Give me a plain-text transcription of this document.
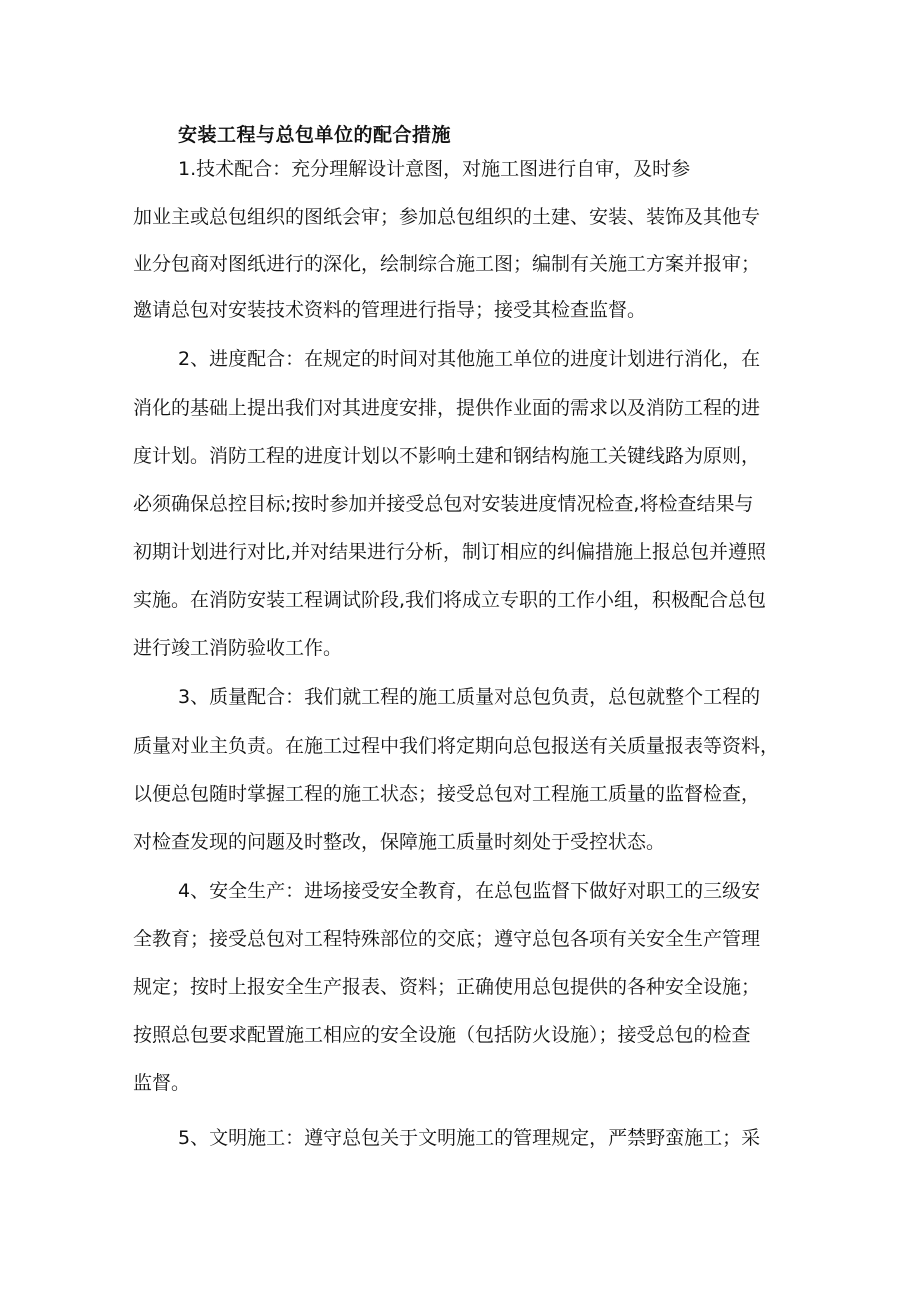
安装工程与总包单位的配合措施
1.技术配合：充分理解设计意图，对施工图进行自审，及时参
加业主或总包组织的图纸会审；参加总包组织的土建、安装、装饰及其他专
业分包商对图纸进行的深化，绘制综合施工图；编制有关施工方案并报审；
邀请总包对安装技术资料的管理进行指导；接受其检查监督。
2、进度配合：在规定的时间对其他施工单位的进度计划进行消化，在
消化的基础上提出我们对其进度安排，提供作业面的需求以及消防工程的进
度计划。消防工程的进度计划以不影响土建和钢结构施工关键线路为原则，
必须确保总控目标;按时参加并接受总包对安装进度情况检查,将检查结果与
初期计划进行对比,并对结果进行分析，制订相应的纠偏措施上报总包并遵照
实施。在消防安装工程调试阶段,我们将成立专职的工作小组，积极配合总包
进行竣工消防验收工作。
3、质量配合：我们就工程的施工质量对总包负责，总包就整个工程的
质量对业主负责。在施工过程中我们将定期向总包报送有关质量报表等资料，
以便总包随时掌握工程的施工状态；接受总包对工程施工质量的监督检查，
对检查发现的问题及时整改，保障施工质量时刻处于受控状态。
4、安全生产：进场接受安全教育，在总包监督下做好对职工的三级安
全教育；接受总包对工程特殊部位的交底；遵守总包各项有关安全生产管理
规定；按时上报安全生产报表、资料；正确使用总包提供的各种安全设施；
按照总包要求配置施工相应的安全设施（包括防火设施）；接受总包的检查
监督。
5、文明施工：遵守总包关于文明施工的管理规定，严禁野蛮施工；采
